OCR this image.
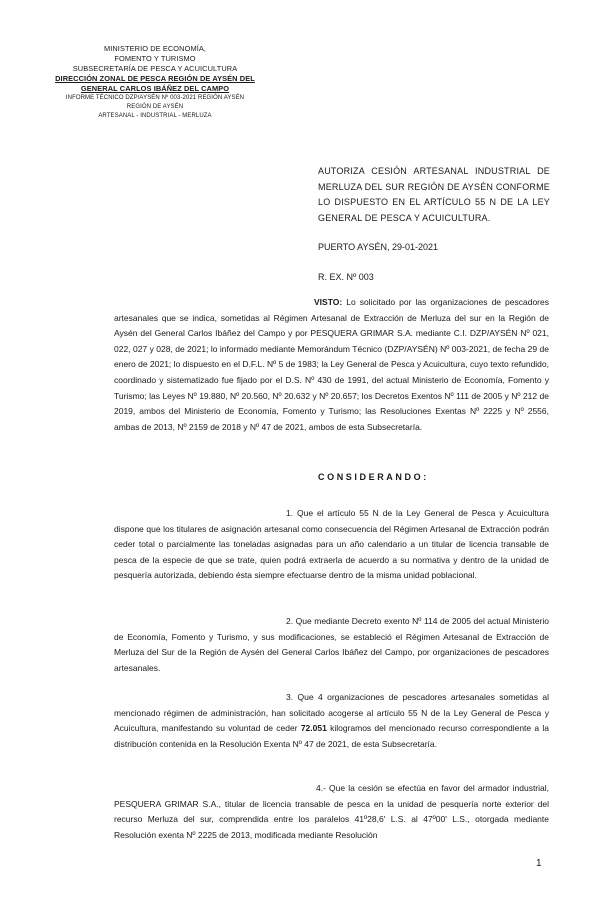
MINISTERIO DE ECONOMÍA,
FOMENTO Y TURISMO
SUBSECRETARÍA DE PESCA Y ACUICULTURA
DIRECCIÓN ZONAL DE PESCA REGIÓN DE AYSÉN DEL
GENERAL CARLOS IBÁÑEZ DEL CAMPO
INFORME TÉCNICO DZP/AYSÉN Nº 003-2021 REGIÓN AYSÉN
REGIÓN DE AYSÉN
ARTESANAL - INDUSTRIAL - MERLUZA
AUTORIZA CESIÓN ARTESANAL INDUSTRIAL DE MERLUZA DEL SUR REGIÓN DE AYSÉN CONFORME LO DISPUESTO EN EL ARTÍCULO 55 N DE LA LEY GENERAL DE PESCA Y ACUICULTURA.
PUERTO AYSÉN, 29-01-2021
R. EX. Nº 003
VISTO: Lo solicitado por las organizaciones de pescadores artesanales que se indica, sometidas al Régimen Artesanal de Extracción de Merluza del sur en la Región de Aysén del General Carlos Ibáñez del Campo y por PESQUERA GRIMAR S.A. mediante C.I. DZP/AYSÉN Nº 021, 022, 027 y 028, de 2021; lo informado mediante Memorándum Técnico (DZP/AYSÉN) Nº 003-2021, de fecha 29 de enero de 2021; lo dispuesto en el D.F.L. Nº 5 de 1983; la Ley General de Pesca y Acuicultura, cuyo texto refundido, coordinado y sistematizado fue fijado por el D.S. Nº 430 de 1991, del actual Ministerio de Economía, Fomento y Turismo; las Leyes Nº 19.880, Nº 20.560, Nº 20.632 y Nº 20.657; los Decretos Exentos Nº 111 de 2005 y Nº 212 de 2019, ambos del Ministerio de Economía, Fomento y Turismo; las Resoluciones Exentas Nº 2225 y Nº 2556, ambas de 2013, Nº 2159 de 2018 y Nº 47 de 2021, ambos de esta Subsecretaría.
CONSIDERANDO:
1. Que el artículo 55 N de la Ley General de Pesca y Acuicultura dispone que los titulares de asignación artesanal como consecuencia del Régimen Artesanal de Extracción podrán ceder total o parcialmente las toneladas asignadas para un año calendario a un titular de licencia transable de pesca de la especie de que se trate, quien podrá extraerla de acuerdo a su normativa y dentro de la unidad de pesquería autorizada, debiendo ésta siempre efectuarse dentro de la misma unidad poblacional.
2. Que mediante Decreto exento Nº 114 de 2005 del actual Ministerio de Economía, Fomento y Turismo, y sus modificaciones, se estableció el Régimen Artesanal de Extracción de Merluza del Sur de la Región de Aysén del General Carlos Ibáñez del Campo, por organizaciones de pescadores artesanales.
3. Que 4 organizaciones de pescadores artesanales sometidas al mencionado régimen de administración, han solicitado acogerse al artículo 55 N de la Ley General de Pesca y Acuicultura, manifestando su voluntad de ceder 72.051 kilogramos del mencionado recurso correspondiente a la distribución contenida en la Resolución Exenta Nº 47 de 2021, de esta Subsecretaría.
4.- Que la cesión se efectúa en favor del armador industrial, PESQUERA GRIMAR S.A., titular de licencia transable de pesca en la unidad de pesquería norte exterior del recurso Merluza del sur, comprendida entre los paralelos 41º28,6' L.S. al 47º00' L.S., otorgada mediante Resolución exenta Nº 2225 de 2013, modificada mediante Resolución
1
